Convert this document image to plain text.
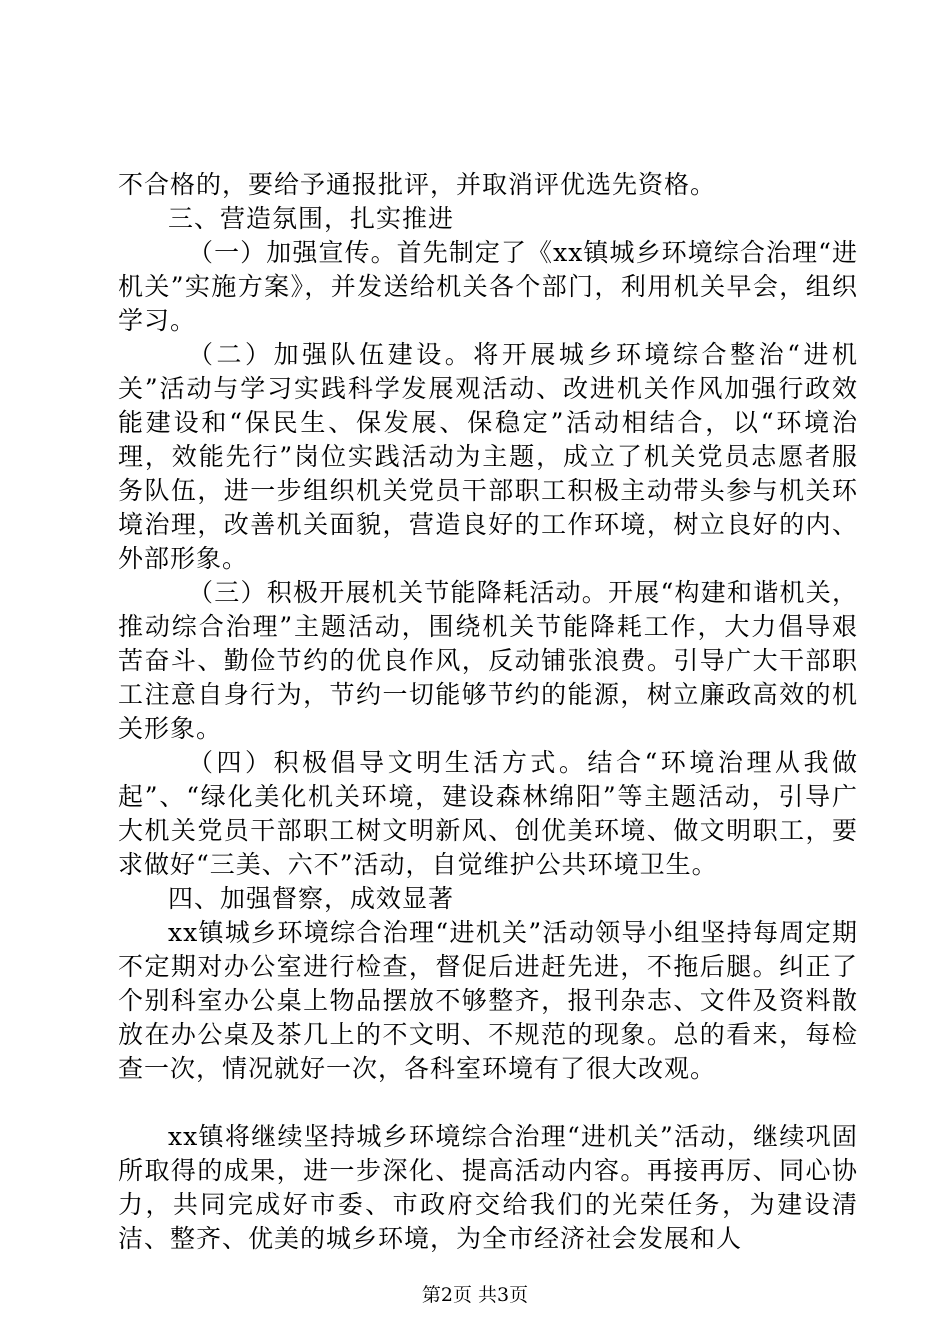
不合格的，要给予通报批评，并取消评优选先资格。

三、营造氛围，扎实推进

（一）加强宣传。首先制定了《xx镇城乡环境综合治理“进机关”实施方案》，并发送给机关各个部门，利用机关早会，组织学习。

（二）加强队伍建设。将开展城乡环境综合整治“进机关”活动与学习实践科学发展观活动、改进机关作风加强行政效能建设和“保民生、保发展、保稳定”活动相结合，以“环境治理，效能先行”岗位实践活动为主题，成立了机关党员志愿者服务队伍，进一步组织机关党员干部职工积极主动带头参与机关环境治理，改善机关面貌，营造良好的工作环境，树立良好的内、外部形象。

（三）积极开展机关节能降耗活动。开展“构建和谐机关，推动综合治理”主题活动，围绕机关节能降耗工作，大力倡导艰苦奋斗、勤俭节约的优良作风，反动铺张浪费。引导广大干部职工注意自身行为，节约一切能够节约的能源，树立廉政高效的机关形象。

（四）积极倡导文明生活方式。结合“环境治理从我做起”、“绿化美化机关环境，建设森林绵阳”等主题活动，引导广大机关党员干部职工树文明新风、创优美环境、做文明职工，要求做好“三美、六不”活动，自觉维护公共环境卫生。

四、加强督察，成效显著

xx镇城乡环境综合治理“进机关”活动领导小组坚持每周定期不定期对办公室进行检查，督促后进赶先进，不拖后腿。纠正了个别科室办公桌上物品摆放不够整齐，报刊杂志、文件及资料散放在办公桌及茶几上的不文明、不规范的现象。总的看来，每检查一次，情况就好一次，各科室环境有了很大改观。

xx镇将继续坚持城乡环境综合治理“进机关”活动，继续巩固所取得的成果，进一步深化、提高活动内容。再接再厉、同心协力，共同完成好市委、市政府交给我们的光荣任务，为建设清洁、整齐、优美的城乡环境，为全市经济社会发展和人

第2页 共3页
